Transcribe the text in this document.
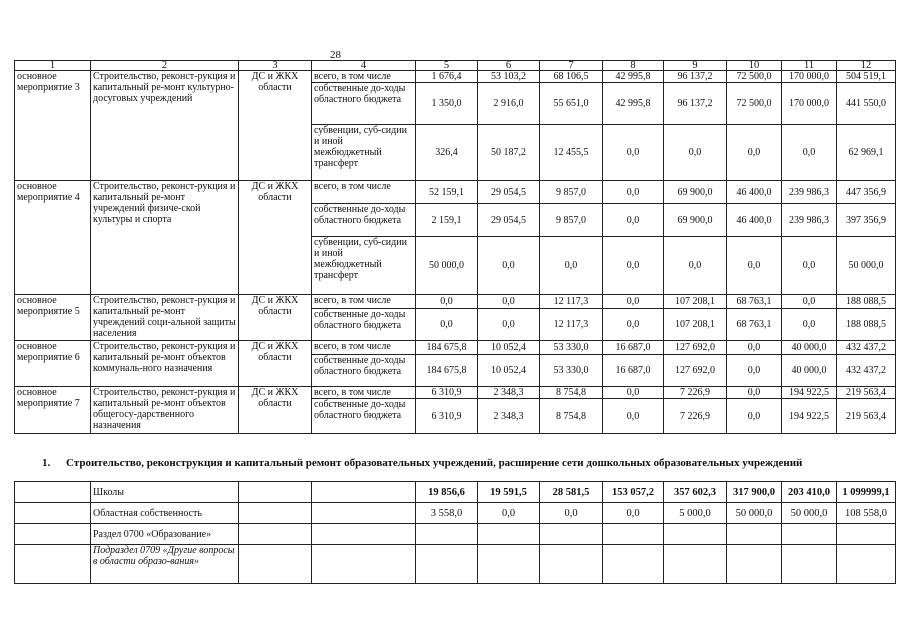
28
1	2	3	4	5	6	7	8	9	10	11	12
основное мероприятие 3	Строительство, реконст-рукция и капитальный ре-монт культурно-досуговых учреждений	ДС и ЖКХ области	всего, в том числе	1 676,4	53 103,2	68 106,5	42 995,8	96 137,2	72 500,0	170 000,0	504 519,1
			собственные до-ходы областного бюджета	1 350,0	2 916,0	55 651,0	42 995,8	96 137,2	72 500,0	170 000,0	441 550,0
			субвенции, суб-сидии и иной межбюджетный трансферт	326,4	50 187,2	12 455,5	0,0	0,0	0,0	0,0	62 969,1
основное мероприятие 4	Строительство, реконст-рукция и капитальный ре-монт учреждений физиче-ской культуры и спорта	ДС и ЖКХ области	всего, в том числе	52 159,1	29 054,5	9 857,0	0,0	69 900,0	46 400,0	239 986,3	447 356,9
			собственные до-ходы областного бюджета	2 159,1	29 054,5	9 857,0	0,0	69 900,0	46 400,0	239 986,3	397 356,9
			субвенции, суб-сидии и иной межбюджетный трансферт	50 000,0	0,0	0,0	0,0	0,0	0,0	0,0	50 000,0
основное мероприятие 5	Строительство, реконст-рукция и капитальный ре-монт учреждений соци-альной защиты населения	ДС и ЖКХ области	всего, в том числе	0,0	0,0	12 117,3	0,0	107 208,1	68 763,1	0,0	188 088,5
			собственные до-ходы областного бюджета	0,0	0,0	12 117,3	0,0	107 208,1	68 763,1	0,0	188 088,5
основное мероприятие 6	Строительство, реконст-рукция и капитальный ре-монт объектов коммуналь-ного назначения	ДС и ЖКХ области	всего, в том числе	184 675,8	10 052,4	53 330,0	16 687,0	127 692,0	0,0	40 000,0	432 437,2
			собственные до-ходы областного бюджета	184 675,8	10 052,4	53 330,0	16 687,0	127 692,0	0,0	40 000,0	432 437,2
основное мероприятие 7	Строительство, реконст-рукция и капитальный ре-монт объектов общегосу-дарственного назначения	ДС и ЖКХ области	всего, в том числе	6 310,9	2 348,3	8 754,8	0,0	7 226,9	0,0	194 922,5	219 563,4
			собственные до-ходы областного бюджета	6 310,9	2 348,3	8 754,8	0,0	7 226,9	0,0	194 922,5	219 563,4
1. Строительство, реконструкция и капитальный ремонт образовательных учреждений, расширение сети дошкольных образовательных учреждений
	Школы			19 856,6	19 591,5	28 581,5	153 057,2	357 602,3	317 900,0	203 410,0	1 099999,1
	Областная собственность			3 558,0	0,0	0,0	0,0	5 000,0	50 000,0	50 000,0	108 558,0
	Раздел 0700 «Образование»										
	Подраздел 0709 «Другие вопросы в области образо-вания»										
